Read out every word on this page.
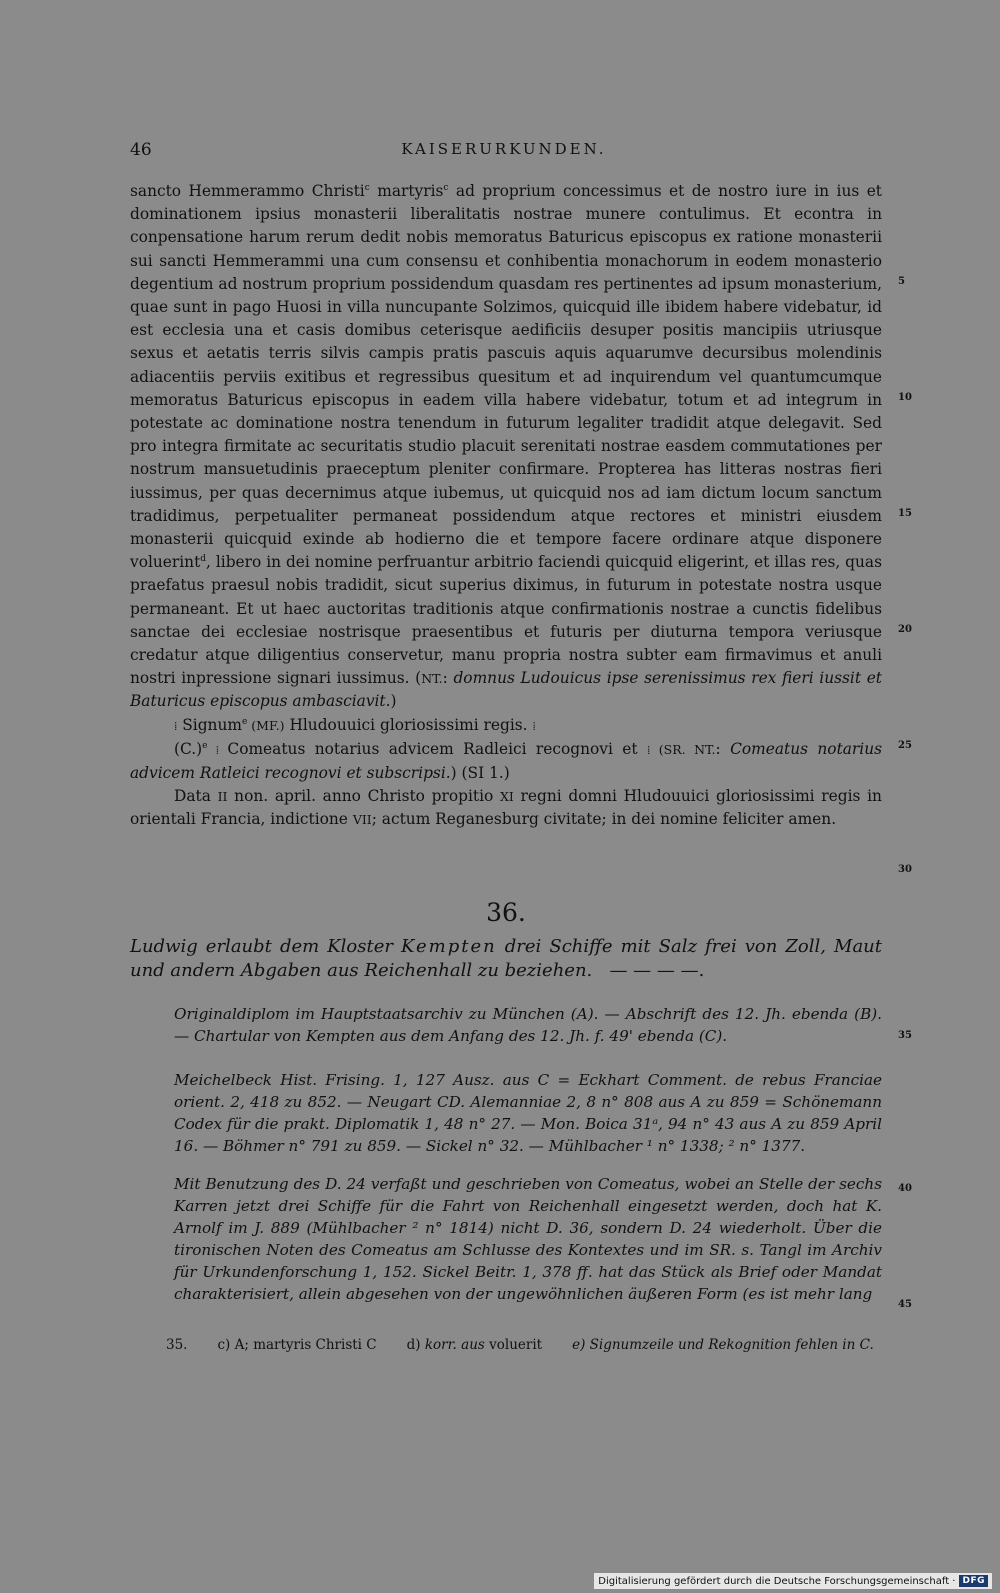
46	KAISERURKUNDEN.

sancto Hemmerammo Christi$^c$ martyris$^c$ ad proprium concessimus et de nostro iure in ius et dominationem ipsius monasterii liberalitatis nostrae munere contulimus. Et econtra in conpensatione harum rerum dedit nobis memoratus Baturicus episcopus ex ratione monasterii sui sancti Hemmerammi una cum consensu et conhibentia monachorum in eodem monasterio degentium ad nostrum proprium possidendum quasdam res pertinentes ad ipsum monasterium, quae sunt in pago Huosi in villa nuncupante Solzimos, quicquid ille ibidem habere videbatur, id est ecclesia una et casis domibus ceterisque aedificiis desuper positis mancipiis utriusque sexus et aetatis terris silvis campis pratis pascuis aquis aquarumve decursibus molendinis adiacentiis perviis exitibus et regressibus quesitum et ad inquirendum vel quantumcumque memoratus Baturicus episcopus in eadem villa habere videbatur, totum et ad integrum in potestate ac dominatione nostra tenendum in futurum legaliter tradidit atque delegavit. Sed pro integra firmitate ac securitatis studio placuit serenitati nostrae easdem commutationes per nostrum mansuetudinis praeceptum pleniter confirmare. Propterea has litteras nostras fieri iussimus, per quas decernimus atque iubemus, ut quicquid nos ad iam dictum locum sanctum tradidimus, perpetualiter permaneat possidendum atque rectores et ministri eiusdem monasterii quicquid exinde ab hodierno die et tempore facere ordinare atque disponere voluerint$^d$, libero in dei nomine perfruantur arbitrio faciendi quicquid eligerint, et illas res, quas praefatus praesul nobis tradidit, sicut superius diximus, in futurum in potestate nostra usque permaneant. Et ut haec auctoritas traditionis atque confirmationis nostrae a cunctis fidelibus sanctae dei ecclesiae nostrisque praesentibus et futuris per diuturna tempora veriusque credatur atque diligentius conservetur, manu propria nostra subter eam firmavimus et anuli nostri inpressione signari iussimus. (NT.: domnus Ludouicus ipse serenissimus rex fieri iussit et Baturicus episcopus ambasciavit.)

⁞ Signum$^e$ (MF.) Hludouuici gloriosissimi regis. ⁞

$(C.)^e$ ⁞ Comeatus notarius advicem Radleici recognovi et ⁞ (SR. NT.: Comeatus notarius advicem Ratleici recognovi et subscripsi.) (SI 1.)

Data II non. april. anno Christo propitio XI regni domni Hludouuici gloriosissimi regis in orientali Francia, indictione VII; actum Reganesburg civitate; in dei nomine feliciter amen.

5
10
15
20
25
30
35
40
45
36.
Ludwig erlaubt dem Kloster Kempten drei Schiffe mit Salz frei von Zoll, Maut und andern Abgaben aus Reichenhall zu beziehen. — — — —.
Originaldiplom im Hauptstaatsarchiv zu München (A). — Abschrift des 12. Jh. ebenda (B). — Chartular von Kempten aus dem Anfang des 12. Jh. f. 49' ebenda (C).
Meichelbeck Hist. Frising. 1, 127 Ausz. aus C = Eckhart Comment. de rebus Franciae orient. 2, 418 zu 852. — Neugart CD. Alemanniae 2, 8 n° 808 aus A zu 859 = Schönemann Codex für die prakt. Diplomatik 1, 48 n° 27. — Mon. Boica 31ᵃ, 94 n° 43 aus A zu 859 April 16. — Böhmer n° 791 zu 859. — Sickel n° 32. — Mühlbacher ¹ n° 1338; ² n° 1377.
Mit Benutzung des D. 24 verfaßt und geschrieben von Comeatus, wobei an Stelle der sechs Karren jetzt drei Schiffe für die Fahrt von Reichenhall eingesetzt werden, doch hat K. Arnolf im J. 889 (Mühlbacher ² n° 1814) nicht D. 36, sondern D. 24 wiederholt. Über die tironischen Noten des Comeatus am Schlusse des Kontextes und im SR. s. Tangl im Archiv für Urkundenforschung 1, 152. Sickel Beitr. 1, 378 ff. hat das Stück als Brief oder Mandat charakterisiert, allein abgesehen von der ungewöhnlichen äußeren Form (es ist mehr lang
35. c) A; martyris Christi C d) korr. aus voluerit e) Signumzeile und Rekognition fehlen in C.
Digitalisierung gefördert durch die Deutsche Forschungsgemeinschaft · DFG
